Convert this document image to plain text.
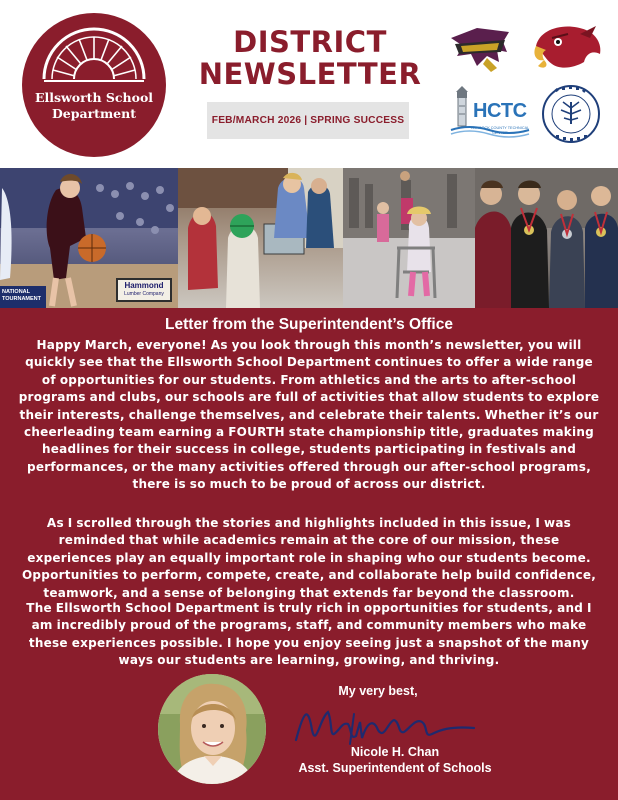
Ellsworth School
Department
DISTRICT
NEWSLETTER
FEB/MARCH 2026 | SPRING SUCCESS	HCTC
HANCOCK COUNTY TECHNICAL CENTER
NATIONAL TOURNAMENT
Hammond
Lumber Company
Letter from the Superintendent’s Office

Happy March, everyone! As you look through this month’s newsletter, you will quickly see that the Ellsworth School Department continues to offer a wide range of opportunities for our students. From athletics and the arts to after-school programs and clubs, our schools are full of activities that allow students to explore their interests, challenge themselves, and celebrate their talents. Whether it’s our cheerleading team earning a FOURTH state championship title, graduates making headlines for their success in college, students participating in festivals and performances, or the many activities offered through our after-school programs, there is so much to be proud of across our district.

As I scrolled through the stories and highlights included in this issue, I was reminded that while academics remain at the core of our mission, these experiences play an equally important role in shaping who our students become. Opportunities to perform, compete, create, and collaborate help build confidence, teamwork, and a sense of belonging that extends far beyond the classroom.

The Ellsworth School Department is truly rich in opportunities for students, and I am incredibly proud of the programs, staff, and community members who make these experiences possible. I hope you enjoy seeing just a snapshot of the many ways our students are learning, growing, and thriving.

My very best,
Nicole H. Chan
Asst. Superintendent of Schools
